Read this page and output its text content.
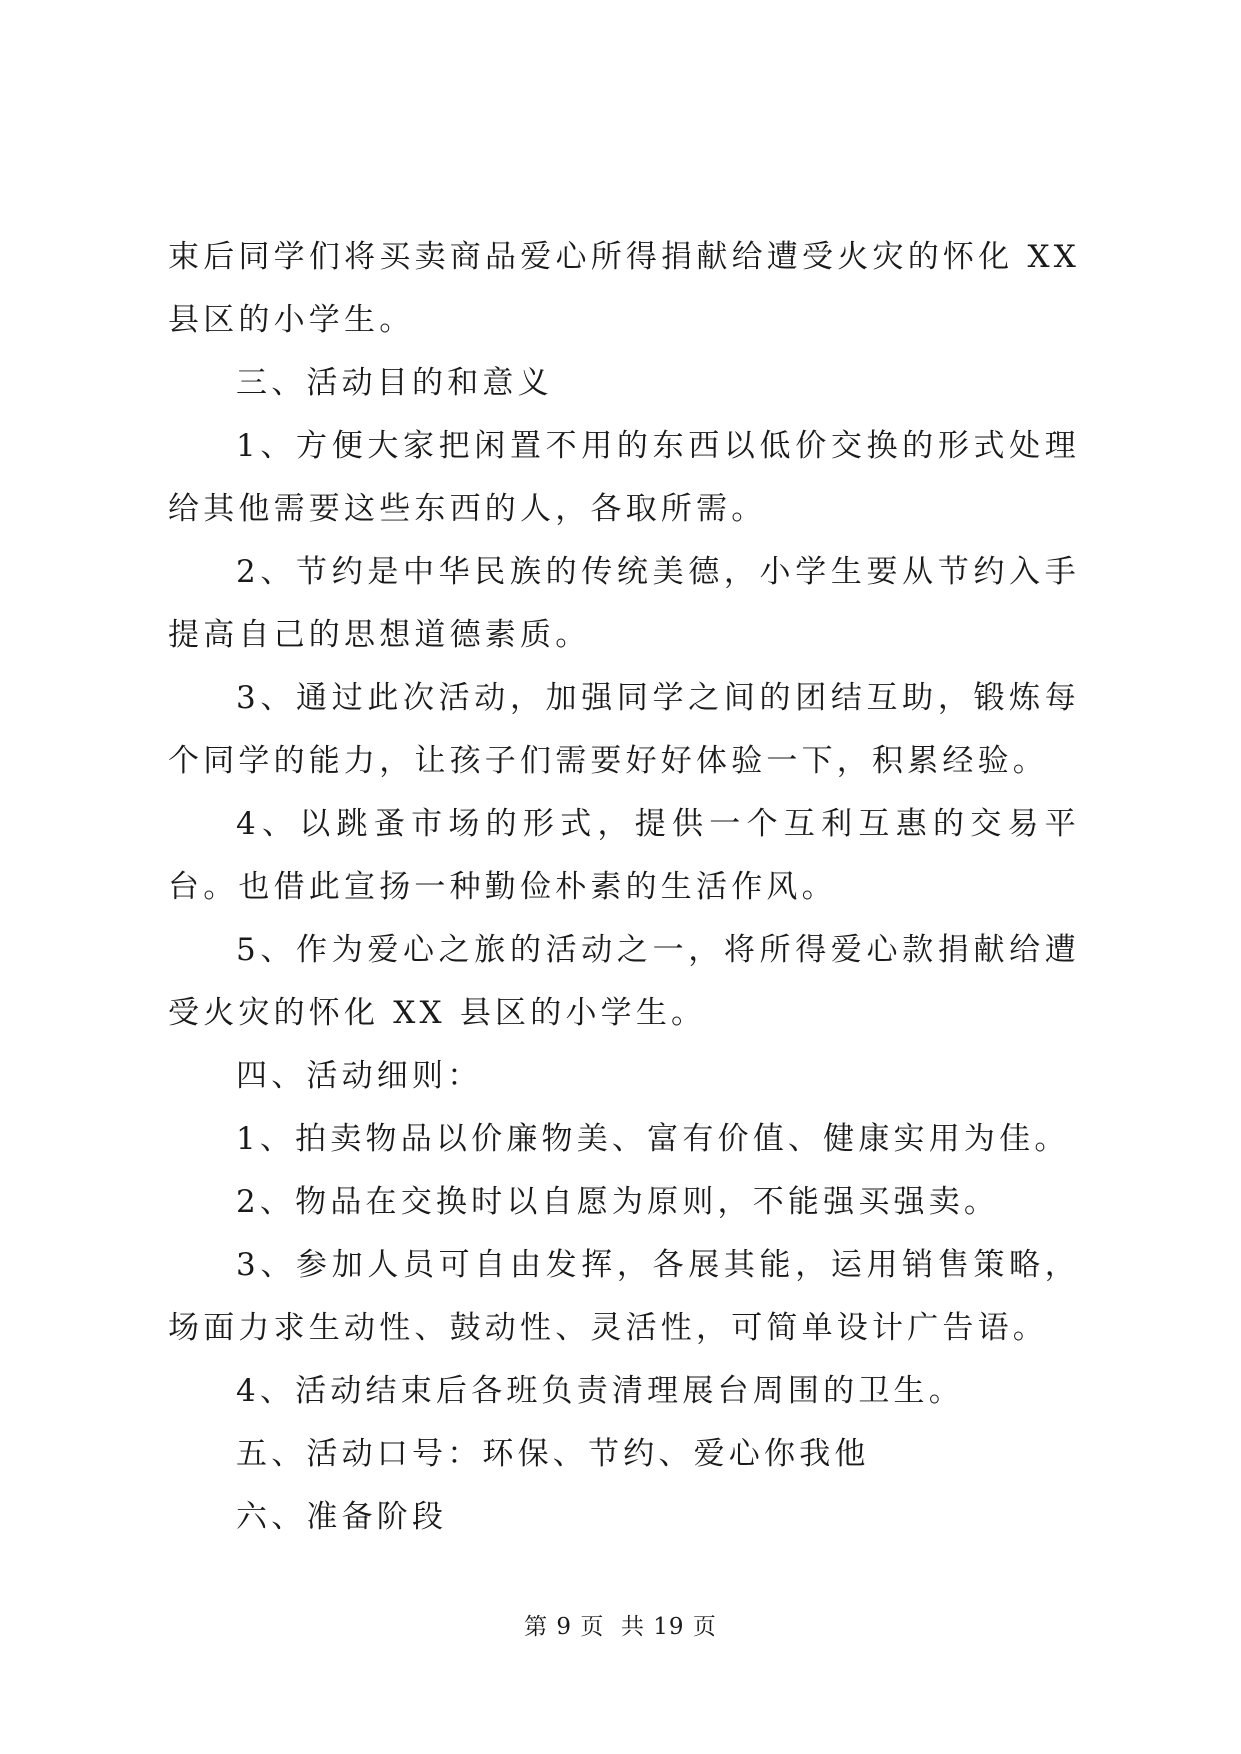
束后同学们将买卖商品爱心所得捐献给遭受火灾的怀化 XX 县区的小学生。

三、活动目的和意义

1、方便大家把闲置不用的东西以低价交换的形式处理给其他需要这些东西的人，各取所需。

2、节约是中华民族的传统美德，小学生要从节约入手提高自己的思想道德素质。

3、通过此次活动，加强同学之间的团结互助，锻炼每个同学的能力，让孩子们需要好好体验一下，积累经验。

4、以跳蚤市场的形式，提供一个互利互惠的交易平台。也借此宣扬一种勤俭朴素的生活作风。

5、作为爱心之旅的活动之一，将所得爱心款捐献给遭受火灾的怀化 XX 县区的小学生。

四、活动细则：

1、拍卖物品以价廉物美、富有价值、健康实用为佳。

2、物品在交换时以自愿为原则，不能强买强卖。

3、参加人员可自由发挥，各展其能，运用销售策略，场面力求生动性、鼓动性、灵活性，可简单设计广告语。

4、活动结束后各班负责清理展台周围的卫生。

五、活动口号：环保、节约、爱心你我他

六、准备阶段

第 9 页  共 19 页
